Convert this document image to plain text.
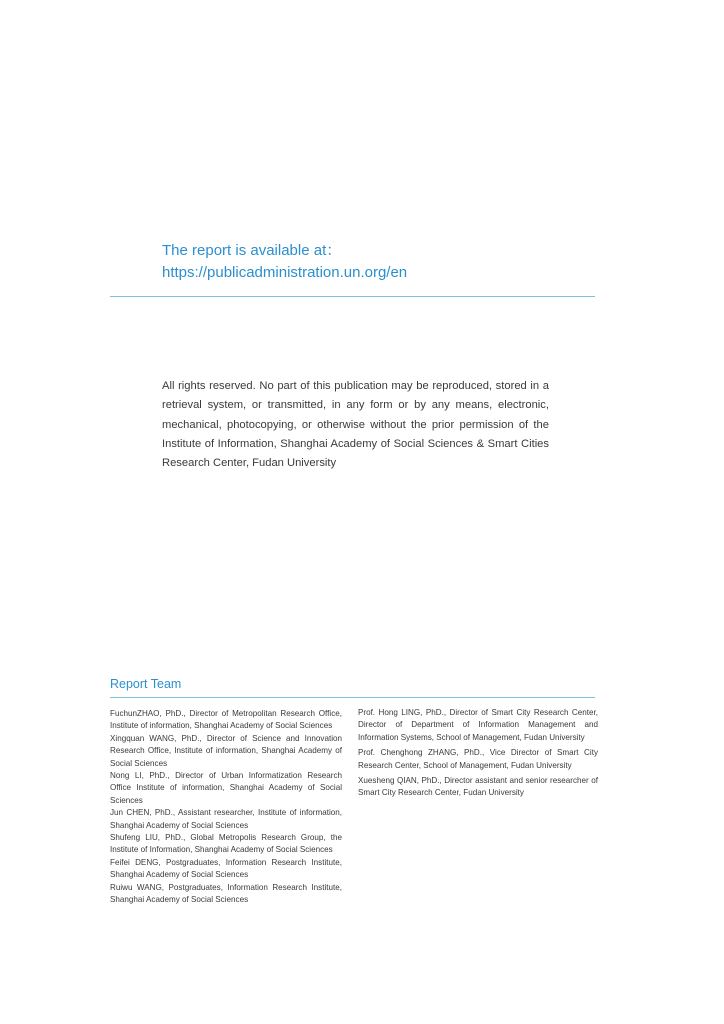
The report is available at：
https://publicadministration.un.org/en
All rights reserved. No part of this publication may be reproduced, stored in a retrieval system, or transmitted, in any form or by any means, electronic, mechanical, photocopying, or otherwise without the prior permission of the Institute of Information, Shanghai Academy of Social Sciences & Smart Cities Research Center, Fudan University
Report Team
FuchunZHAO, PhD., Director of Metropolitan Research Office, Institute of information, Shanghai Academy of Social Sciences
Xingquan WANG, PhD., Director of Science and Innovation Research Office, Institute of information, Shanghai Academy of Social Sciences
Nong LI, PhD., Director of Urban Informatization Research Office Institute of information, Shanghai Academy of Social Sciences
Jun CHEN, PhD., Assistant researcher, Institute of information, Shanghai Academy of Social Sciences
Shufeng LIU, PhD., Global Metropolis Research Group, the Institute of Information, Shanghai Academy of Social Sciences
Feifei DENG, Postgraduates, Information Research Institute, Shanghai Academy of Social Sciences
Ruiwu WANG, Postgraduates, Information Research Institute, Shanghai Academy of Social Sciences
Prof. Hong LING, PhD., Director of Smart City Research Center, Director of Department of Information Management and Information Systems, School of Management, Fudan University
Prof. Chenghong ZHANG, PhD., Vice Director of Smart City Research Center, School of Management, Fudan University
Xuesheng QIAN, PhD., Director assistant and senior researcher of Smart City Research Center, Fudan University
